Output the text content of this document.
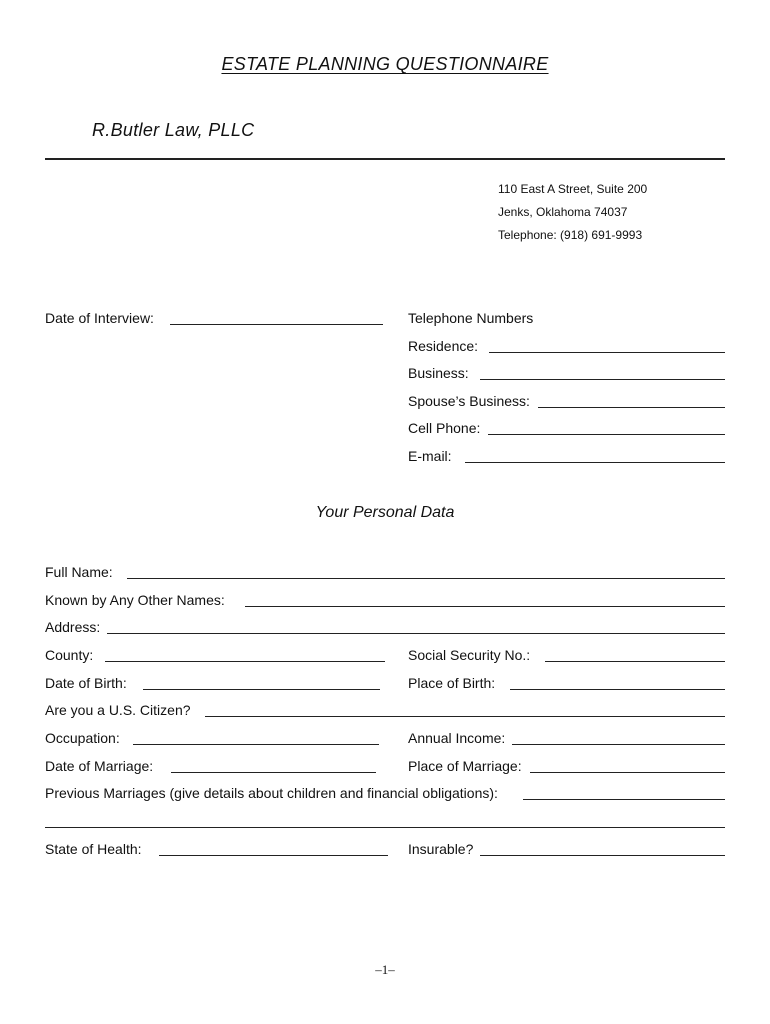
ESTATE PLANNING QUESTIONNAIRE
R.Butler Law, PLLC
110 East A Street, Suite 200
Jenks, Oklahoma 74037
Telephone: (918) 691-9993
Date of Interview:	Telephone Numbers
Residence:
Business:
Spouse’s Business:
Cell Phone:
E-mail:
Your Personal Data
Full Name:
Known by Any Other Names:
Address:
County:	Social Security No.:
Date of Birth:	Place of Birth:
Are you a U.S. Citizen?
Occupation:	Annual Income:
Date of Marriage:	Place of Marriage:
Previous Marriages (give details about children and financial obligations):
State of Health:	Insurable?
–1–
